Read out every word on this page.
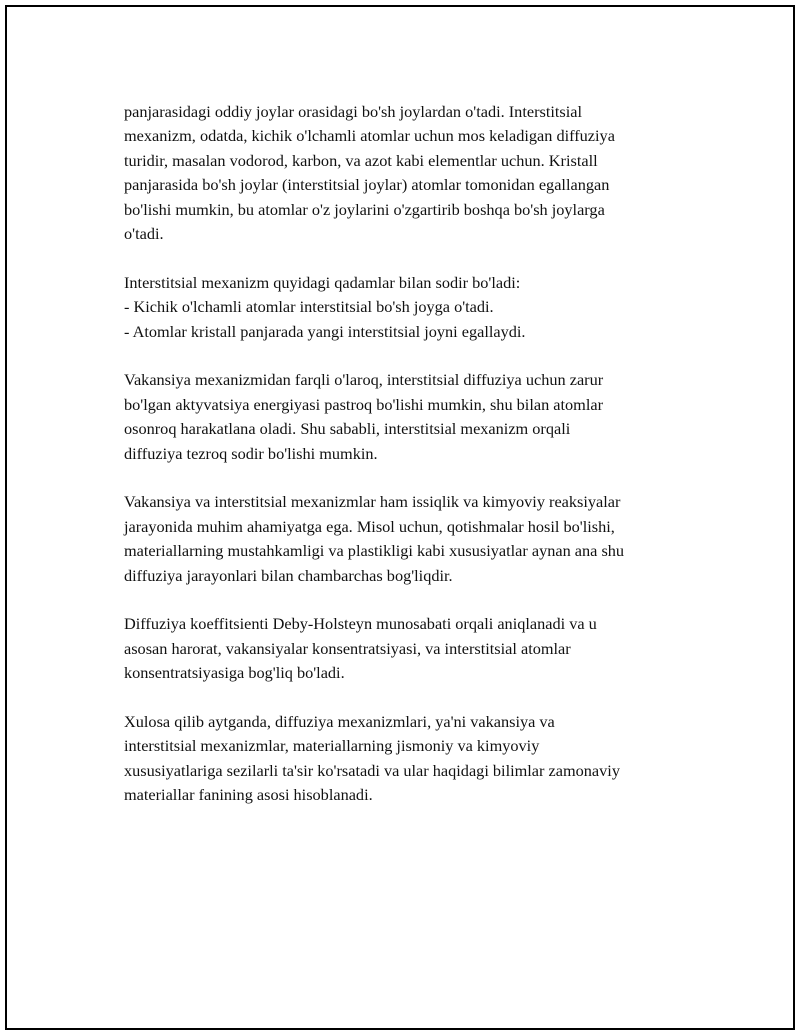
panjarasidagi oddiy joylar orasidagi bo'sh joylardan o'tadi. Interstitsial
mexanizm, odatda, kichik o'lchamli atomlar uchun mos keladigan diffuziya
turidir, masalan vodorod, karbon, va azot kabi elementlar uchun. Kristall
panjarasida bo'sh joylar (interstitsial joylar) atomlar tomonidan egallangan
bo'lishi mumkin, bu atomlar o'z joylarini o'zgartirib boshqa bo'sh joylarga
o'tadi.
Interstitsial mexanizm quyidagi qadamlar bilan sodir bo'ladi:
- Kichik o'lchamli atomlar interstitsial bo'sh joyga o'tadi.
- Atomlar kristall panjarada yangi interstitsial joyni egallaydi.
Vakansiya mexanizmidan farqli o'laroq, interstitsial diffuziya uchun zarur
bo'lgan aktyvatsiya energiyasi pastroq bo'lishi mumkin, shu bilan atomlar
osonroq harakatlana oladi. Shu sababli, interstitsial mexanizm orqali
diffuziya tezroq sodir bo'lishi mumkin.
Vakansiya va interstitsial mexanizmlar ham issiqlik va kimyoviy reaksiyalar
jarayonida muhim ahamiyatga ega. Misol uchun, qotishmalar hosil bo'lishi,
materiallarning mustahkamligi va plastikligi kabi xususiyatlar aynan ana shu
diffuziya jarayonlari bilan chambarchas bog'liqdir.
Diffuziya koeffitsienti Deby-Holsteyn munosabati orqali aniqlanadi va u
asosan harorat, vakansiyalar konsentratsiyasi, va interstitsial atomlar
konsentratsiyasiga bog'liq bo'ladi.
Xulosa qilib aytganda, diffuziya mexanizmlari, ya'ni vakansiya va
interstitsial mexanizmlar, materiallarning jismoniy va kimyoviy
xususiyatlariga sezilarli ta'sir ko'rsatadi va ular haqidagi bilimlar zamonaviy
materiallar fanining asosi hisoblanadi.
